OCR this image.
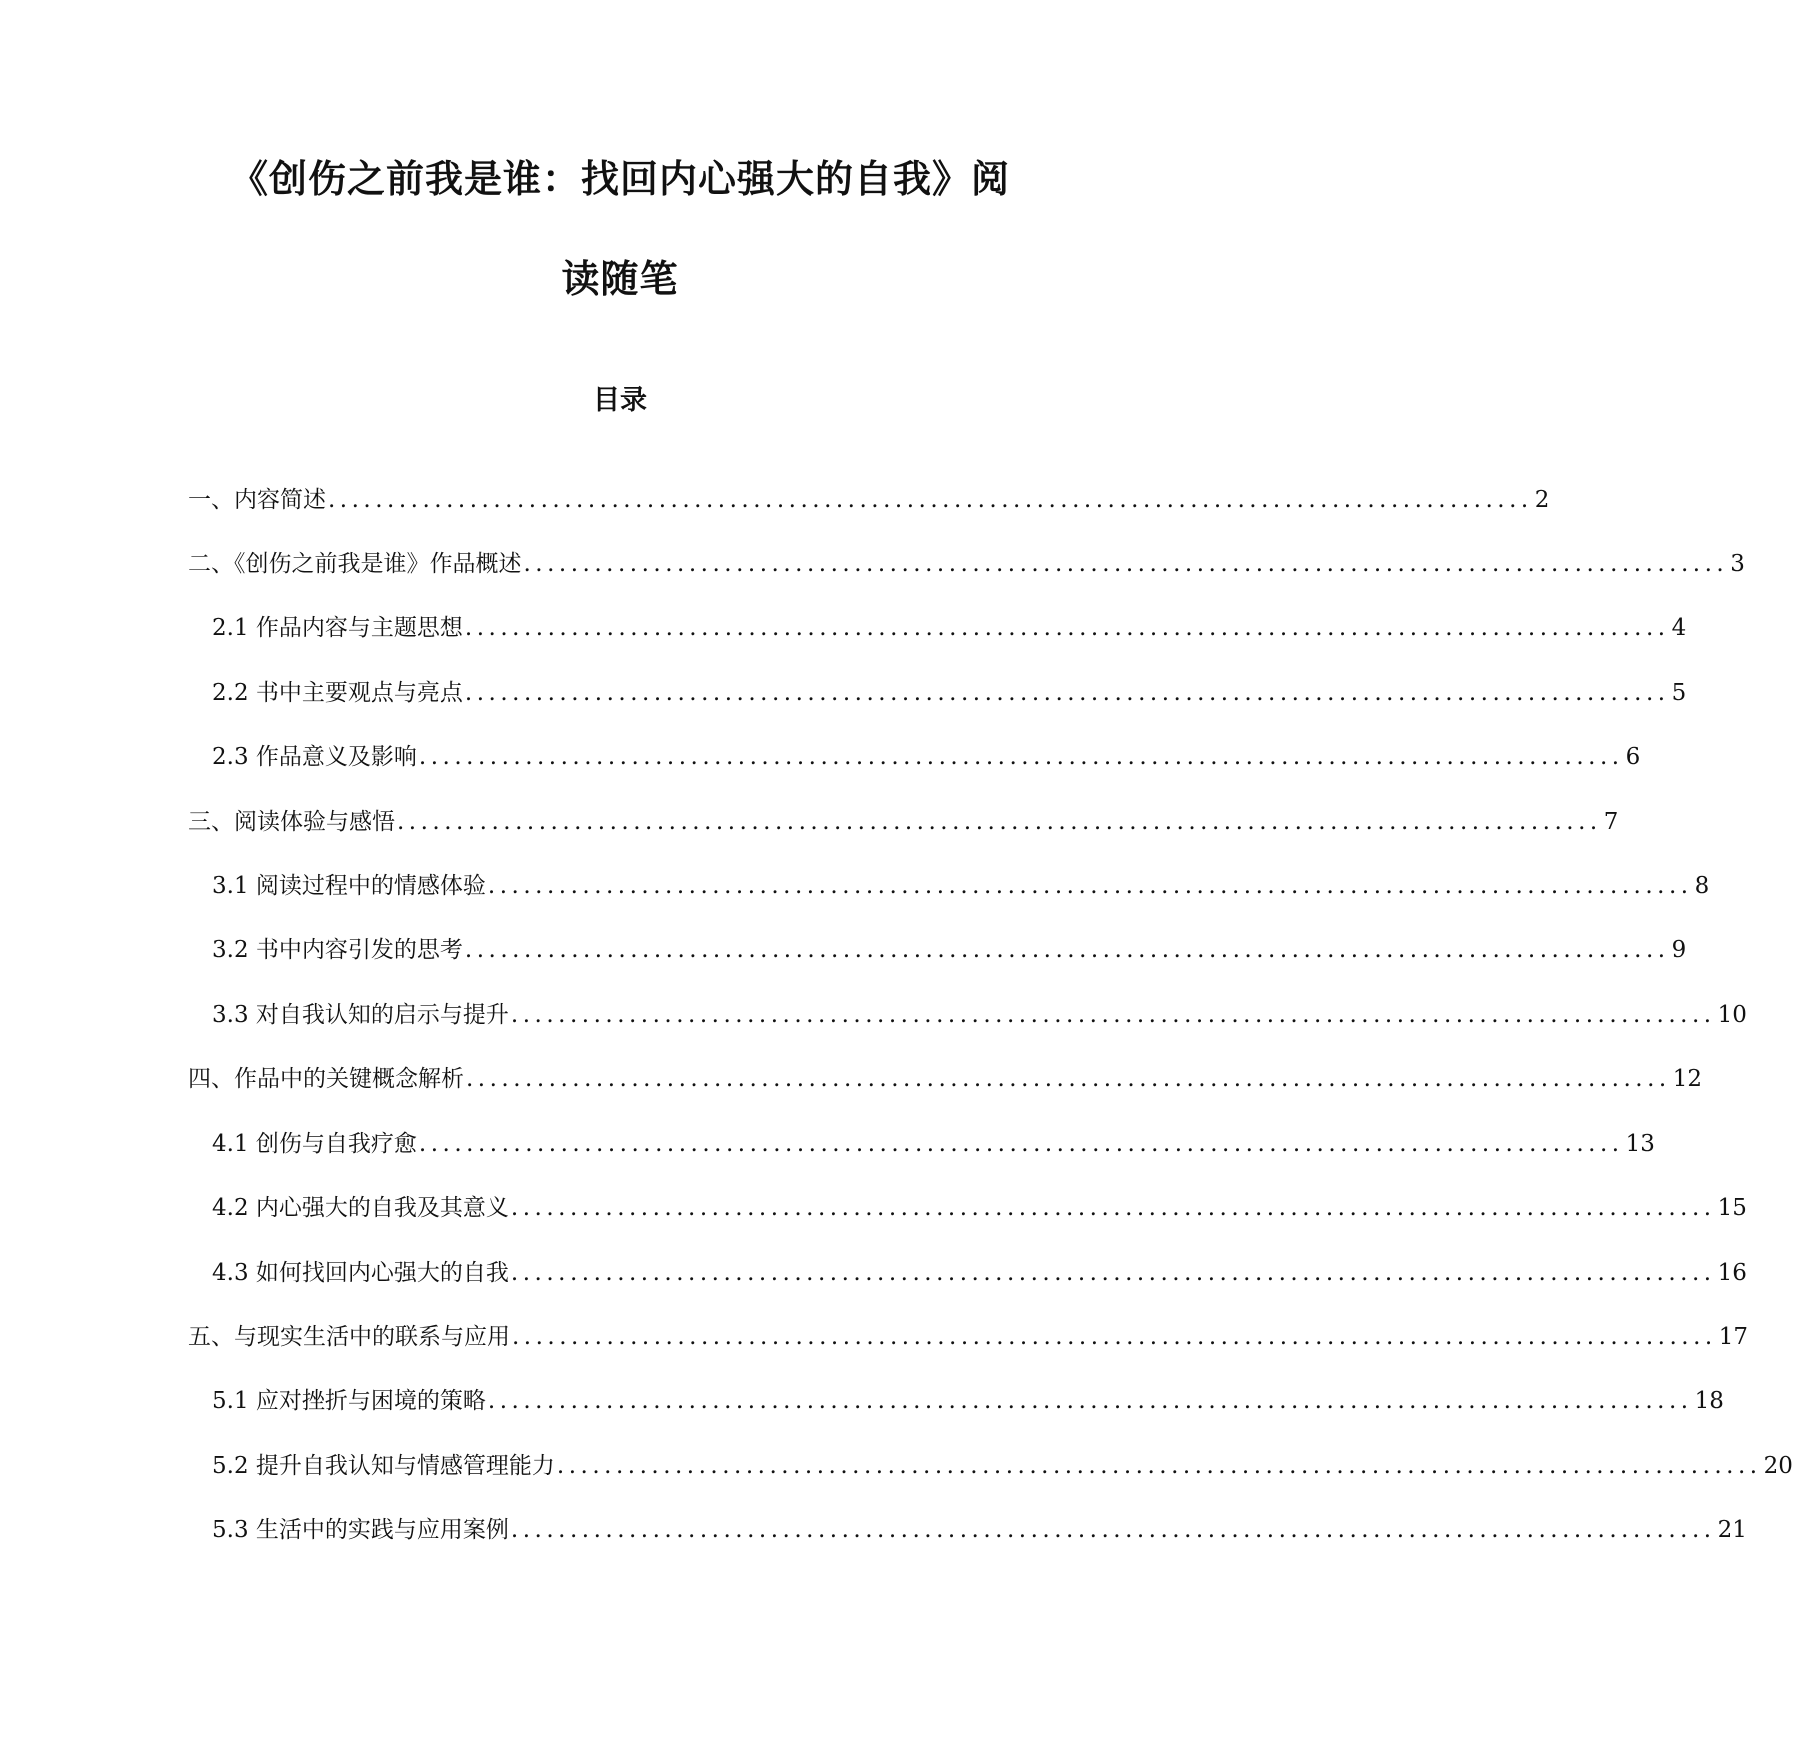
《创伤之前我是谁：找回内心强大的自我》阅
读随笔
目录
一、内容简述 ...................................................................................................... 2
二、《创伤之前我是谁》作品概述 ...................................................................................................... 3
2.1 作品内容与主题思想 ...................................................................................................... 4
2.2 书中主要观点与亮点 ...................................................................................................... 5
2.3 作品意义及影响 ...................................................................................................... 6
三、阅读体验与感悟 ...................................................................................................... 7
3.1 阅读过程中的情感体验 ...................................................................................................... 8
3.2 书中内容引发的思考 ...................................................................................................... 9
3.3 对自我认知的启示与提升 ...................................................................................................... 10
四、作品中的关键概念解析 ...................................................................................................... 12
4.1 创伤与自我疗愈 ...................................................................................................... 13
4.2 内心强大的自我及其意义 ...................................................................................................... 15
4.3 如何找回内心强大的自我 ...................................................................................................... 16
五、与现实生活中的联系与应用 ...................................................................................................... 17
5.1 应对挫折与困境的策略 ...................................................................................................... 18
5.2 提升自我认知与情感管理能力 ...................................................................................................... 20
5.3 生活中的实践与应用案例 ...................................................................................................... 21
